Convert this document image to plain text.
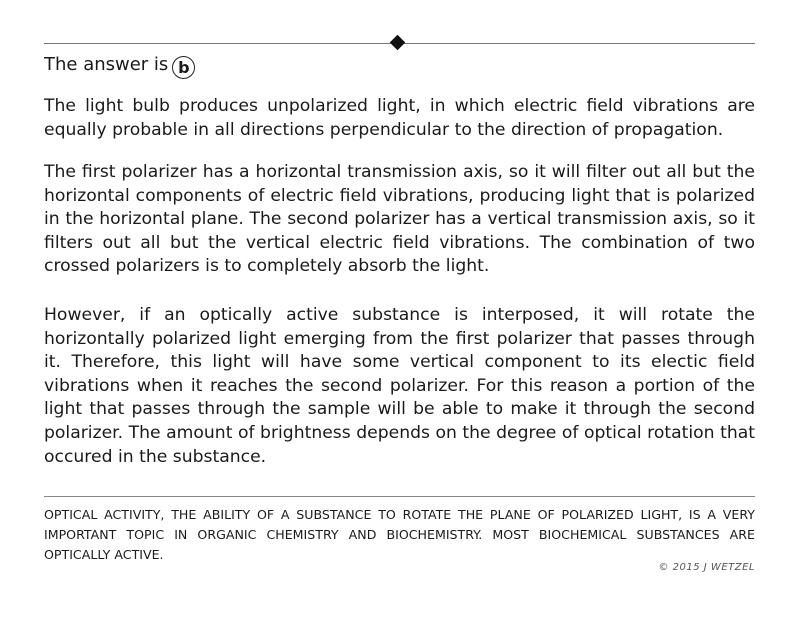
The answer is b

The light bulb produces unpolarized light, in which electric field vibrations are equally probable in all directions perpendicular to the direction of propagation.

The first polarizer has a horizontal transmission axis, so it will filter out all but the horizontal components of electric field vibrations, producing light that is polarized in the horizontal plane. The second polarizer has a vertical transmission axis, so it filters out all but the vertical electric field vibrations. The combination of two crossed polarizers is to completely absorb the light.

However, if an optically active substance is interposed, it will rotate the horizontally polarized light emerging from the first polarizer that passes through it. Therefore, this light will have some vertical component to its electic field vibrations when it reaches the second polarizer. For this reason a portion of the light that passes through the sample will be able to make it through the second polarizer. The amount of brightness depends on the degree of optical rotation that occured in the substance.

OPTICAL ACTIVITY, THE ABILITY OF A SUBSTANCE TO ROTATE THE PLANE OF POLARIZED LIGHT, IS A VERY IMPORTANT TOPIC IN ORGANIC CHEMISTRY AND BIOCHEMISTRY. MOST BIOCHEMICAL SUBSTANCES ARE OPTICALLY ACTIVE.

© 2015 J WETZEL
